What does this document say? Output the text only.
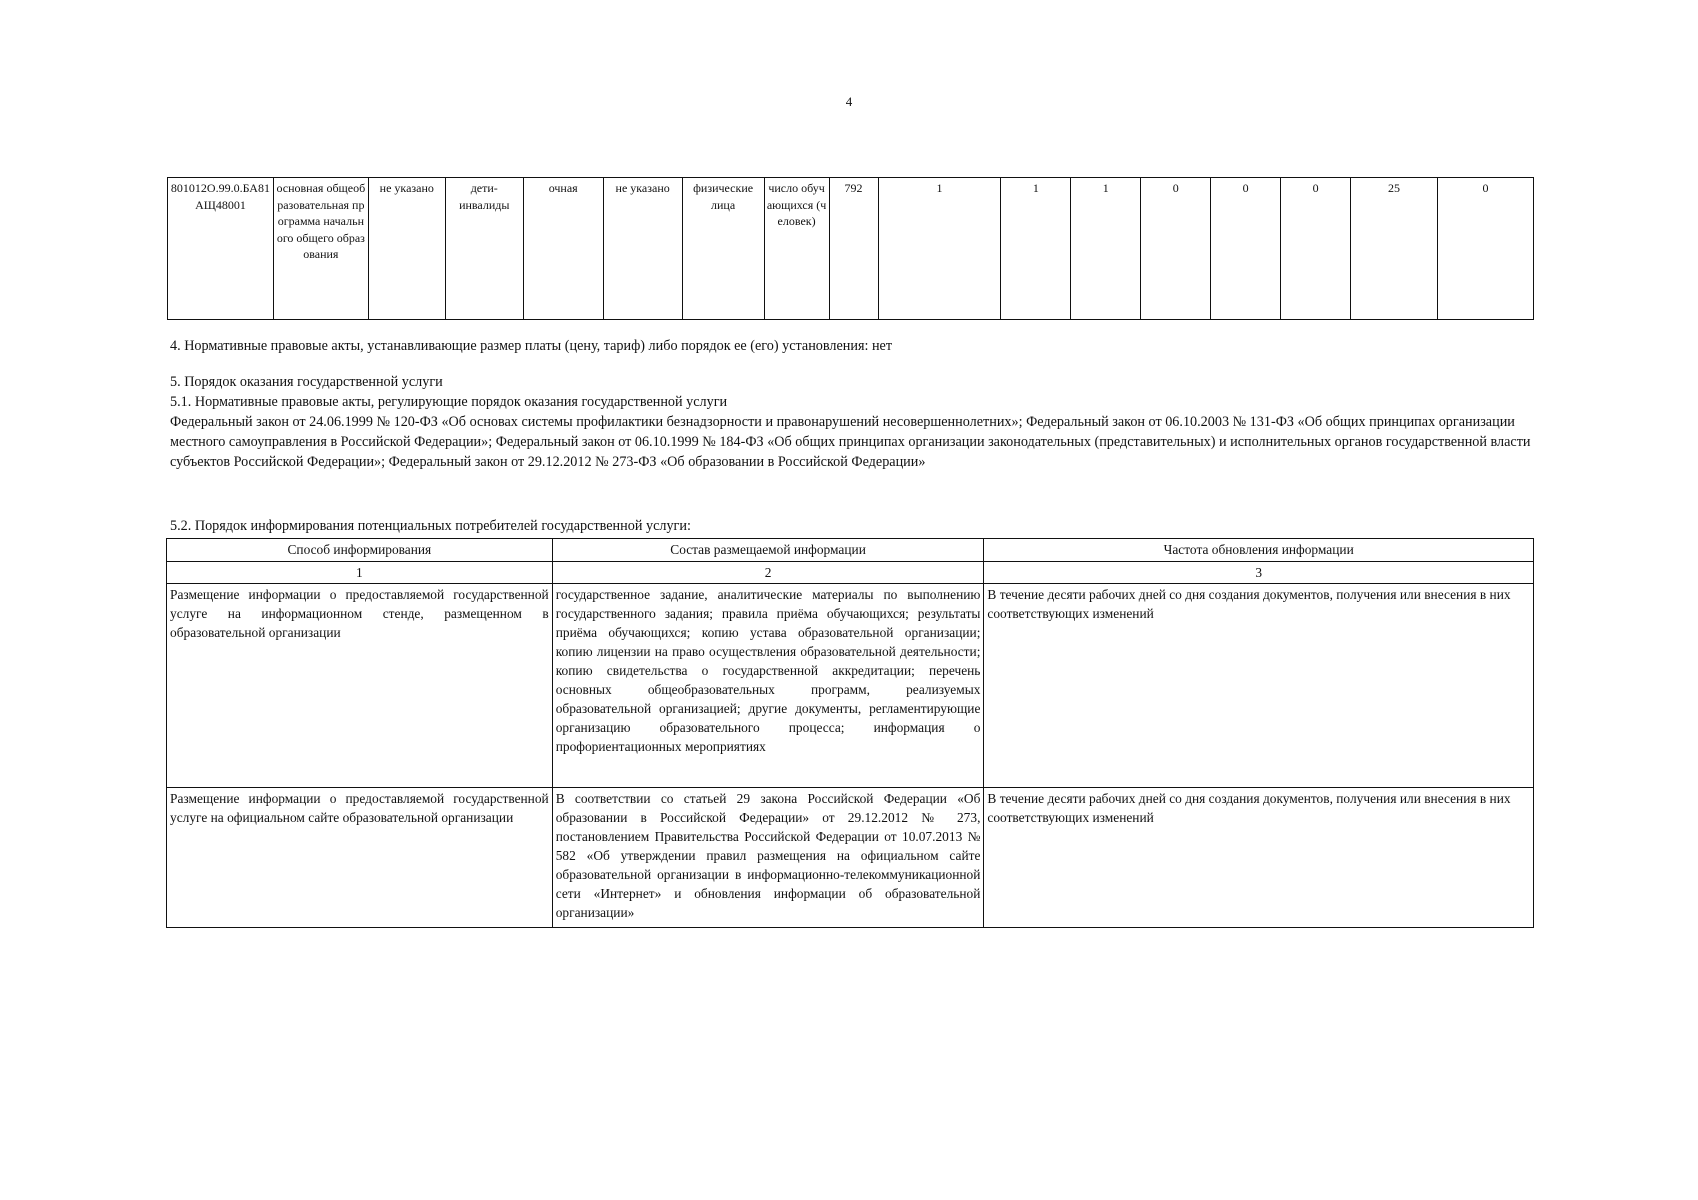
4
801012О.99.0.БА81АЩ48001	основная общеобразовательная программа начального общего образования	не указано	дети-инвалиды	очная	не указано	физические лица	число обучающихся (человек)	792	1	1	1	0	0	0	25	0
4. Нормативные правовые акты, устанавливающие размер платы (цену, тариф) либо порядок ее (его) установления: нет
5. Порядок оказания государственной услуги
5.1. Нормативные правовые акты, регулирующие порядок оказания государственной услуги
Федеральный закон от 24.06.1999 № 120-ФЗ «Об основах системы профилактики безнадзорности и правонарушений несовершеннолетних»; Федеральный закон от 06.10.2003 № 131-ФЗ «Об общих принципах организации местного самоуправления в Российской Федерации»; Федеральный закон от 06.10.1999 № 184-ФЗ «Об общих принципах организации законодательных (представительных) и исполнительных органов государственной власти субъектов Российской Федерации»; Федеральный закон от 29.12.2012 № 273-ФЗ «Об образовании в Российской Федерации»
5.2. Порядок информирования потенциальных потребителей государственной услуги:
Способ информирования	Состав размещаемой информации	Частота обновления информации
1	2	3
Размещение информации о предоставляемой государственной услуге на информационном стенде, размещенном в образовательной организации	государственное задание, аналитические материалы по выполнению государственного задания; правила приёма обучающихся; результаты приёма обучающихся; копию устава образовательной организации; копию лицензии на право осуществления образовательной деятельности; копию свидетельства о государственной аккредитации; перечень основных общеобразовательных программ, реализуемых образовательной организацией; другие документы, регламентирующие организацию образовательного процесса; информация о профориентационных мероприятиях	В течение десяти рабочих дней со дня создания документов, получения или внесения в них соответствующих изменений
Размещение информации о предоставляемой государственной услуге на официальном сайте образовательной организации	В соответствии со статьей 29 закона Российской Федерации «Об образовании в Российской Федерации» от 29.12.2012 № 273, постановлением Правительства Российской Федерации от 10.07.2013 № 582 «Об утверждении правил размещения на официальном сайте образовательной организации в информационно-телекоммуникационной сети «Интернет» и обновления информации об образовательной организации»	В течение десяти рабочих дней со дня создания документов, получения или внесения в них соответствующих изменений
